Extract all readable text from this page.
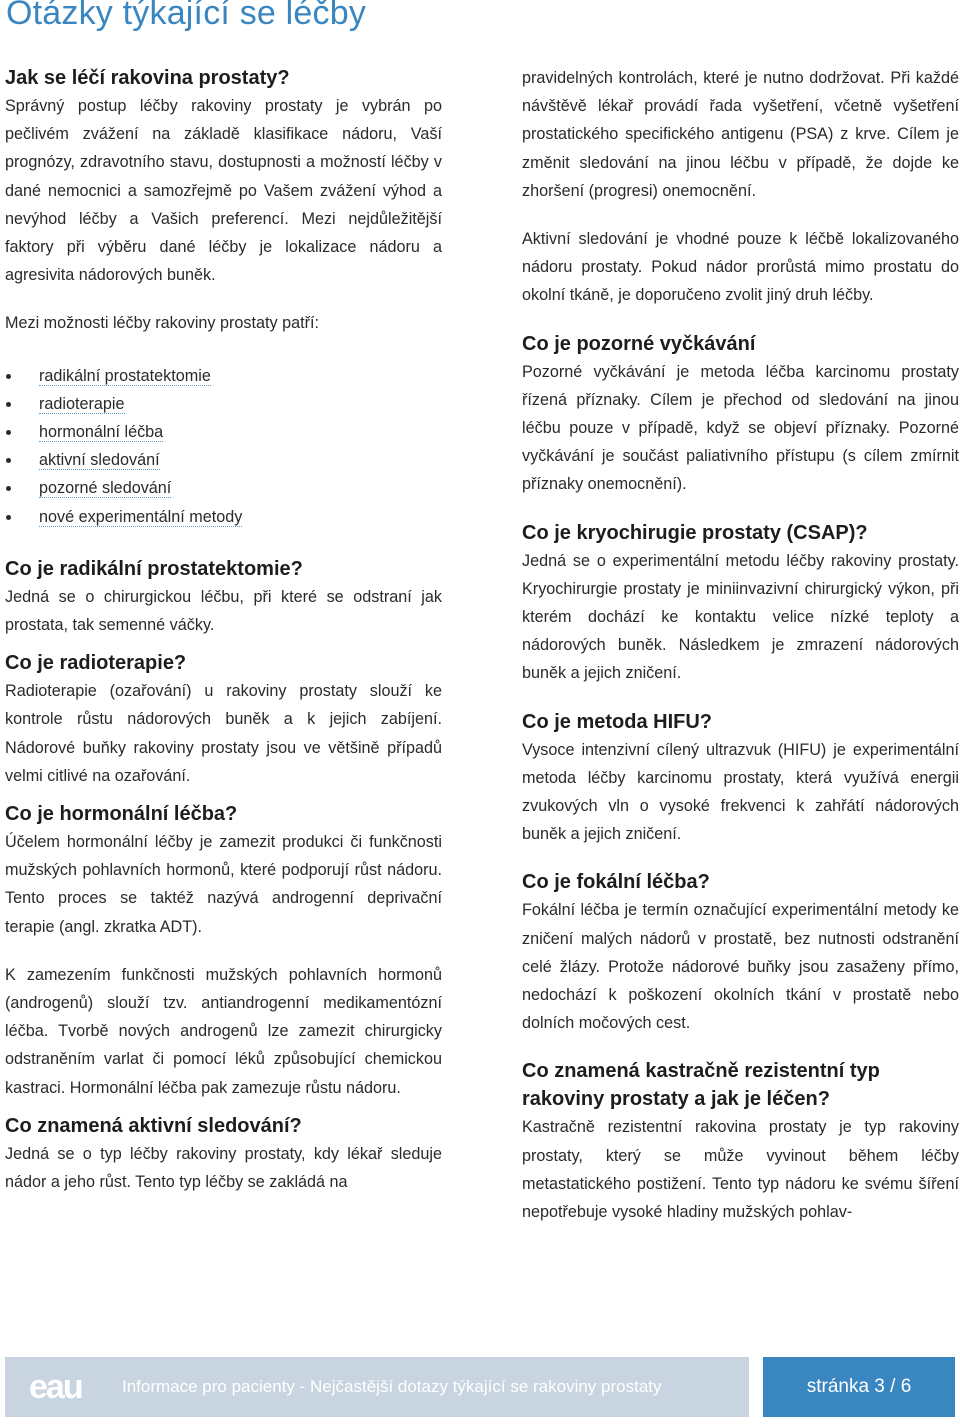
Otázky týkající se léčby
Jak se léčí rakovina prostaty?

Správný postup léčby rakoviny prostaty je vybrán po pečlivém zvážení na základě klasifikace nádoru, Vaší prognózy, zdravotního stavu, dostupnosti a možností léčby v dané nemocnici a samozřejmě po Vašem zvážení výhod a nevýhod léčby a Vašich preferencí. Mezi nejdůležitější faktory při výběru dané léčby je lokalizace nádoru a agresivita nádorových buněk.

Mezi možnosti léčby rakoviny prostaty patří:

radikální prostatektomie
radioterapie
hormonální léčba
aktivní sledování
pozorné sledování
nové experimentální metody
Co je radikální prostatektomie?

Jedná se o chirurgickou léčbu, při které se odstraní jak prostata, tak semenné váčky.

Co je radioterapie?

Radioterapie (ozařování) u rakoviny prostaty slouží ke kontrole růstu nádorových buněk a k jejich zabíjení. Nádorové buňky rakoviny prostaty jsou ve většině případů velmi citlivé na ozařování.

Co je hormonální léčba?

Účelem hormonální léčby je zamezit produkci či funkčnosti mužských pohlavních hormonů, které podporují růst nádoru. Tento proces se taktéž nazývá androgenní deprivační terapie (angl. zkratka ADT).

K zamezením funkčnosti mužských pohlavních hormonů (androgenů) slouží tzv. antiandrogenní medikamentózní léčba. Tvorbě nových androgenů lze zamezit chirurgicky odstraněním varlat či pomocí léků způsobující chemickou kastraci. Hormonální léčba pak zamezuje růstu nádoru.

Co znamená aktivní sledování?

Jedná se o typ léčby rakoviny prostaty, kdy lékař sleduje nádor a jeho růst. Tento typ léčby se zakládá na

pravidelných kontrolách, které je nutno dodržovat. Při každé návštěvě lékař provádí řada vyšetření, včetně vyšetření prostatického specifického antigenu (PSA) z krve. Cílem je změnit sledování na jinou léčbu v případě, že dojde ke zhoršení (progresi) onemocnění.

Aktivní sledování je vhodné pouze k léčbě lokalizovaného nádoru prostaty. Pokud nádor prorůstá mimo prostatu do okolní tkáně, je doporučeno zvolit jiný druh léčby.

Co je pozorné vyčkávání

Pozorné vyčkávání je metoda léčba karcinomu prostaty řízená příznaky. Cílem je přechod od sledování na jinou léčbu pouze v případě, když se objeví příznaky. Pozorné vyčkávání je součást paliativního přístupu (s cílem zmírnit příznaky onemocnění).

Co je kryochirugie prostaty (CSAP)?

Jedná se o experimentální metodu léčby rakoviny prostaty. Kryochirurgie prostaty je miniinvazivní chirurgický výkon, při kterém dochází ke kontaktu velice nízké teploty a nádorových buněk. Následkem je zmrazení nádorových buněk a jejich zničení.

Co je metoda HIFU?

Vysoce intenzivní cílený ultrazvuk (HIFU) je experimentální metoda léčby karcinomu prostaty, která využívá energii zvukových vln o vysoké frekvenci k zahřátí nádorových buněk a jejich zničení.

Co je fokální léčba?

Fokální léčba je termín označující experimentální metody ke zničení malých nádorů v prostatě, bez nutnosti odstranění celé žlázy. Protože nádorové buňky jsou zasaženy přímo, nedochází k poškození okolních tkání v prostatě nebo dolních močových cest.

Co znamená kastračně rezistentní typ rakoviny prostaty a jak je léčen?

Kastračně rezistentní rakovina prostaty je typ rakoviny prostaty, který se může vyvinout během léčby metastatického postižení. Tento typ nádoru ke svému šíření nepotřebuje vysoké hladiny mužských pohlav-

eau	Informace pro pacienty - Nejčastější dotazy týkající se rakoviny prostaty	stránka 3 / 6
